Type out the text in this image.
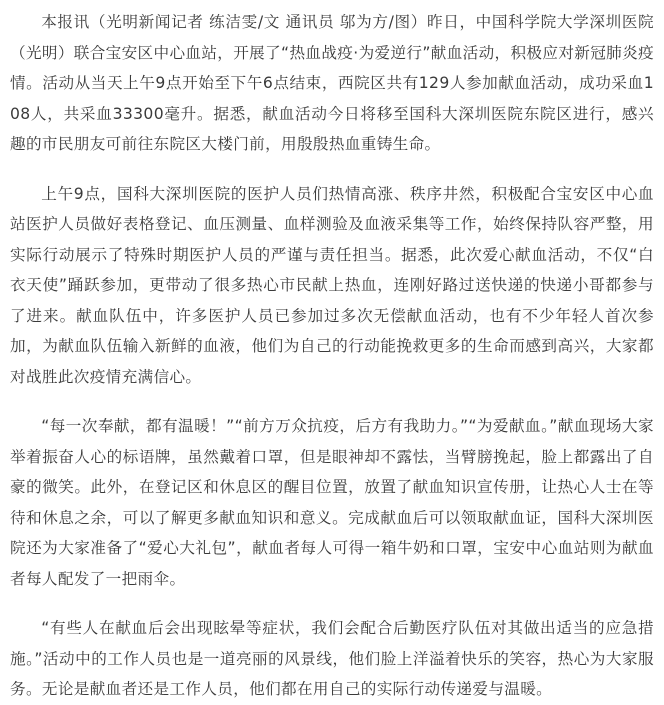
本报讯（光明新闻记者 练洁雯/文 通讯员 邬为方/图）昨日，中国科学院大学深圳医院（光明）联合宝安区中心血站，开展了“热血战疫·为爱逆行”献血活动，积极应对新冠肺炎疫情。活动从当天上午9点开始至下午6点结束，西院区共有129人参加献血活动，成功采血108人，共采血33300毫升。据悉，献血活动今日将移至国科大深圳医院东院区进行，感兴趣的市民朋友可前往东院区大楼门前，用殷殷热血重铸生命。

上午9点，国科大深圳医院的医护人员们热情高涨、秩序井然，积极配合宝安区中心血站医护人员做好表格登记、血压测量、血样测验及血液采集等工作，始终保持队容严整，用实际行动展示了特殊时期医护人员的严谨与责任担当。据悉，此次爱心献血活动，不仅“白衣天使”踊跃参加，更带动了很多热心市民献上热血，连刚好路过送快递的快递小哥都参与了进来。献血队伍中，许多医护人员已参加过多次无偿献血活动，也有不少年轻人首次参加，为献血队伍输入新鲜的血液，他们为自己的行动能挽救更多的生命而感到高兴，大家都对战胜此次疫情充满信心。

“每一次奉献，都有温暖！”“前方万众抗疫，后方有我助力。”“为爱献血。”献血现场大家举着振奋人心的标语牌，虽然戴着口罩，但是眼神却不露怯，当臂膀挽起，脸上都露出了自豪的微笑。此外，在登记区和休息区的醒目位置，放置了献血知识宣传册，让热心人士在等待和休息之余，可以了解更多献血知识和意义。完成献血后可以领取献血证，国科大深圳医院还为大家准备了“爱心大礼包”，献血者每人可得一箱牛奶和口罩，宝安中心血站则为献血者每人配发了一把雨伞。

“有些人在献血后会出现眩晕等症状，我们会配合后勤医疗队伍对其做出适当的应急措施。”活动中的工作人员也是一道亮丽的风景线，他们脸上洋溢着快乐的笑容，热心为大家服务。无论是献血者还是工作人员，他们都在用自己的实际行动传递爱与温暖。
